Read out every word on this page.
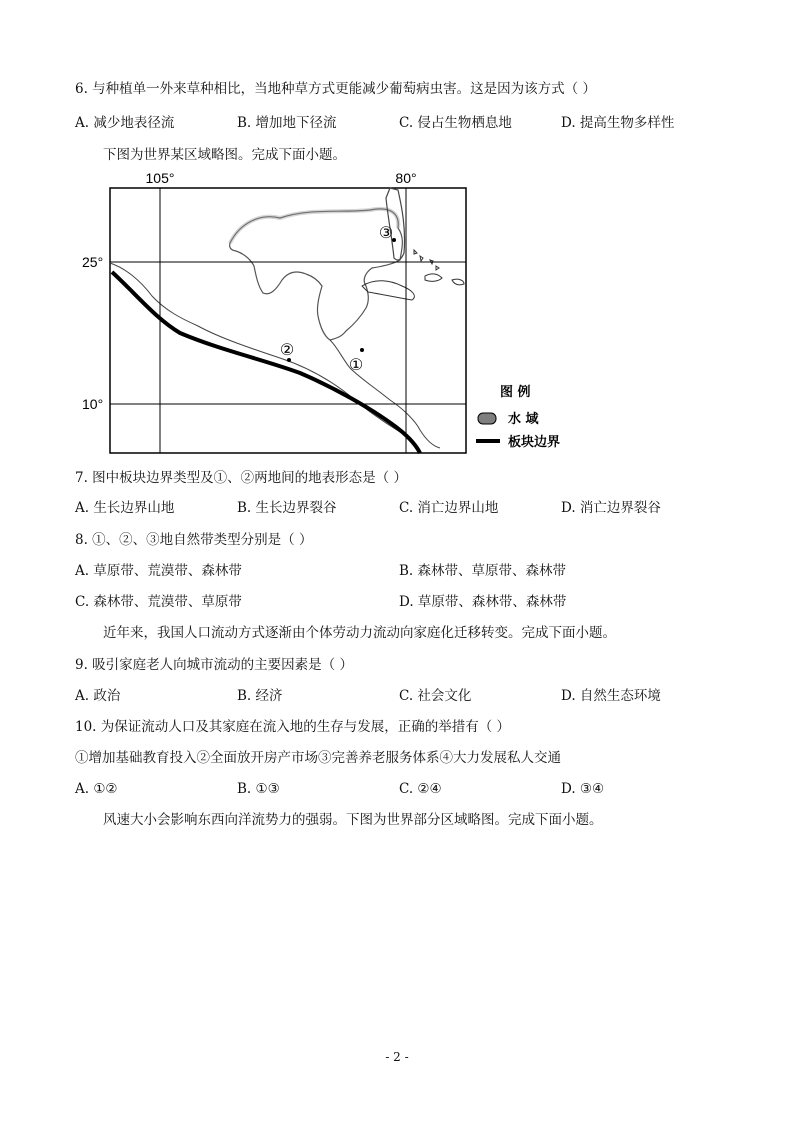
6. 与种植单一外来草种相比，当地种草方式更能减少葡萄病虫害。这是因为该方式（ ）
A. 减少地表径流	B. 增加地下径流	C. 侵占生物栖息地	D. 提高生物多样性
下图为世界某区域略图。完成下面小题。
105°	80°
25°
10°
③
②
①
图 例
水 域
板块边界
7. 图中板块边界类型及①、②两地间的地表形态是（ ）
A. 生长边界山地	B. 生长边界裂谷	C. 消亡边界山地	D. 消亡边界裂谷
8. ①、②、③地自然带类型分别是（ ）
A. 草原带、荒漠带、森林带	B. 森林带、草原带、森林带
C. 森林带、荒漠带、草原带	D. 草原带、森林带、森林带
近年来，我国人口流动方式逐渐由个体劳动力流动向家庭化迁移转变。完成下面小题。
9. 吸引家庭老人向城市流动的主要因素是（ ）
A. 政治	B. 经济	C. 社会文化	D. 自然生态环境
10. 为保证流动人口及其家庭在流入地的生存与发展，正确的举措有（ ）
①增加基础教育投入②全面放开房产市场③完善养老服务体系④大力发展私人交通
A. ①②	B. ①③	C. ②④	D. ③④
风速大小会影响东西向洋流势力的强弱。下图为世界部分区域略图。完成下面小题。
- 2 -
